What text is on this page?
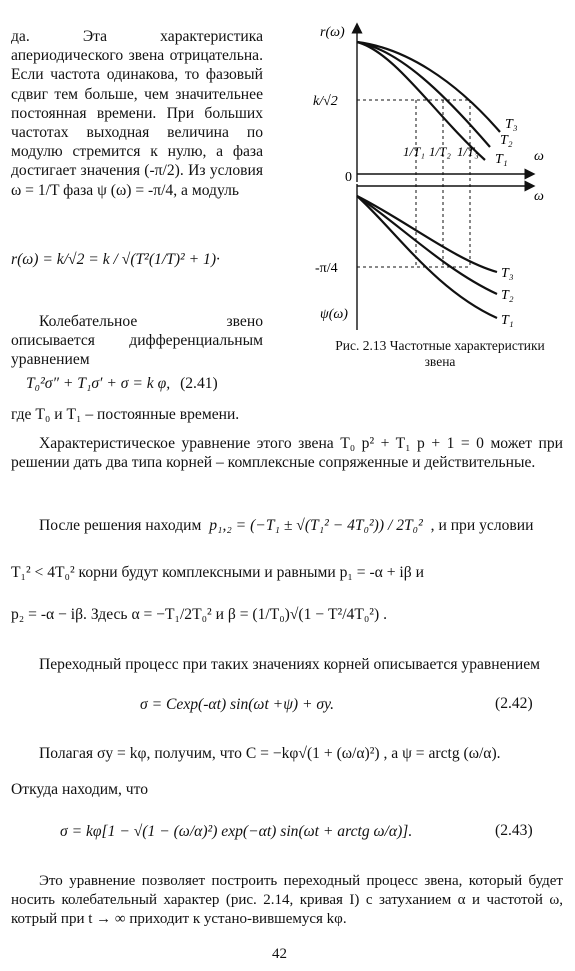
да. Эта характеристика апериодического звена отрицательна. Если частота одинакова, то фазовый сдвиг тем больше, чем значительнее постоянная времени. При больших частотах выходная величина по модулю стремится к нулю, а фаза достигает значения (-π/2). Из условия ω = 1/T фаза ψ (ω) = -π/4, а модуль

r(ω) = k/√2 = k / √(T²(1/T)² + 1)·

Колебательное звено описывается дифференциальным уравнением

T₀²σ″ + T₁σ′ + σ = k φ, (2.41)

где T₀ и T₁ – постоянные времени.

r(ω)
ψ(ω)
ω
ω
0
k/√2
-π/4
1/T₁ 1/T₂ 1/T₃
T₃
T₂
T₁
T₃
T₂
T₁
Рис. 2.13 Частотные характеристики звена

Характеристическое уравнение этого звена T₀ p² + T₁ p + 1 = 0 может при решении дать два типа корней – комплексные сопряженные и действительные.

После решения находим p₁,₂ = (−T₁ ± √(T₁² − 4T₀²)) / 2T₀² , и при условии

T₁² < 4T₀² корни будут комплексными и равными p₁ = -α + iβ и

p₂ = -α − iβ. Здесь α = −T₁/2T₀² и β = (1/T₀)√(1 − T²/4T₀²) .

Переходный процесс при таких значениях корней описывается уравнением

σ = Cexp(-αt) sin(ωt +ψ) + σy.	(2.42)

Полагая σy = kφ, получим, что C = −kφ√(1 + (ω/α)²) , а ψ = arctg (ω/α).

Откуда находим, что

σ = kφ[1 − √(1 − (ω/α)²) exp(−αt) sin(ωt + arctg ω/α)].	(2.43)

Это уравнение позволяет построить переходный процесс звена, который будет носить колебательный характер (рис. 2.14, кривая I) с затуханием α и частотой ω, котрый при t → ∞ приходит к устано-вившемуся kφ.

42
